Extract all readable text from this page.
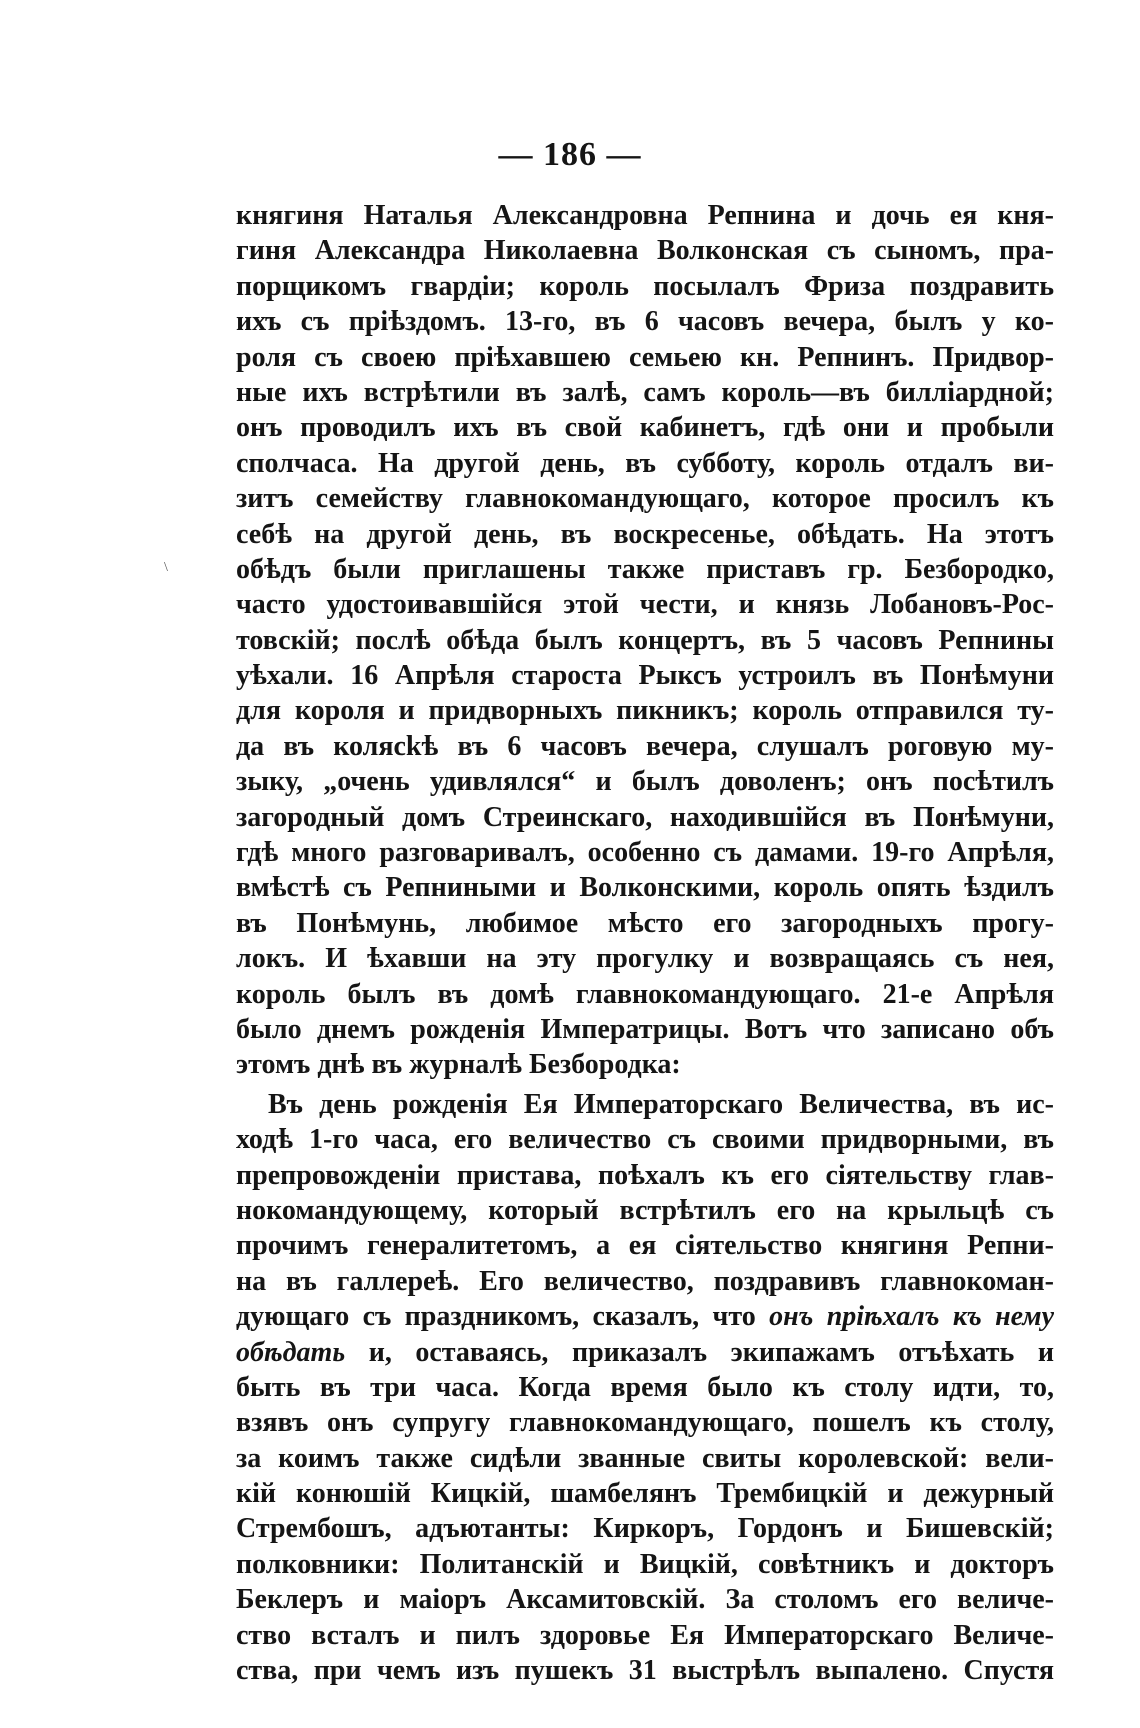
— 186 —
\
княгиня Наталья Александровна Репнина и дочь ея кня-
гиня Александра Николаевна Волконская съ сыномъ, пра-
порщикомъ гвардіи; король посылалъ Фриза поздравить
ихъ съ пріѣздомъ. 13-го, въ 6 часовъ вечера, былъ у ко-
роля съ своею пріѣхавшею семьею кн. Репнинъ. Придвор-
ные ихъ встрѣтили въ залѣ, самъ король—въ билліардной;
онъ проводилъ ихъ въ свой кабинетъ, гдѣ они и пробыли
сполчаса. На другой день, въ субботу, король отдалъ ви-
зитъ семейству главнокомандующаго, которое просилъ къ
себѣ на другой день, въ воскресенье, обѣдать. На этотъ
обѣдъ были приглашены также приставъ гр. Безбородко,
часто удостоивавшійся этой чести, и князь Лобановъ-Рос-
товскій; послѣ обѣда былъ концертъ, въ 5 часовъ Репнины
уѣхали. 16 Апрѣля староста Рыксъ устроилъ въ Понѣмуни
для короля и придворныхъ пикникъ; король отправился ту-
да въ колясkѣ въ 6 часовъ вечера, слушалъ роговую му-
зыку, „очень удивлялся“ и былъ доволенъ; онъ посѣтилъ
загородный домъ Стреинскаго, находившійся въ Понѣмуни,
гдѣ много разговаривалъ, особенно съ дамами. 19-го Апрѣля,
вмѣстѣ съ Репниными и Волконскими, король опять ѣздилъ
въ Понѣмунь, любимое мѣсто его загородныхъ прогу-
локъ. И ѣхавши на эту прогулку и возвращаясь съ нея,
король былъ въ домѣ главнокомандующаго. 21-е Апрѣля
было днемъ рожденія Императрицы. Вотъ что записано объ
этомъ днѣ въ журналѣ Безбородка:
Въ день рожденія Ея Императорскаго Величества, въ ис-
ходѣ 1-го часа, его величество съ своими придворными, въ
препровожденіи пристава, поѣхалъ къ его сіятельству глав-
нокомандующему, который встрѣтилъ его на крыльцѣ съ
прочимъ генералитетомъ, а ея сіятельство княгиня Репни-
на въ галлереѣ. Его величество, поздравивъ главнокоман-
дующаго съ праздникомъ, сказалъ, что онъ пріѣхалъ къ нему
обѣдать и, оставаясь, приказалъ экипажамъ отъѣхать и
быть въ три часа. Когда время было къ столу идти, то,
взявъ онъ супругу главнокомандующаго, пошелъ къ столу,
за коимъ также сидѣли званные свиты королевской: вели-
кій конюшій Кицкій, шамбелянъ Трембицкій и дежурный
Стрембошъ, адъютанты: Киркоръ, Гордонъ и Бишевскій;
полковники: Политанскій и Вицкій, совѣтникъ и докторъ
Беклеръ и маіоръ Аксамитовскій. За столомъ его величе-
ство всталъ и пилъ здоровье Ея Императорскаго Величе-
ства, при чемъ изъ пушекъ 31 выстрѣлъ выпалено. Спустя
